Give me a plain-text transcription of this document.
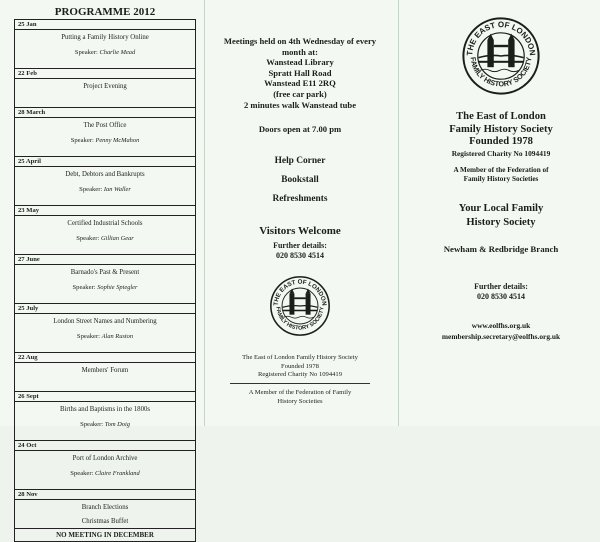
PROGRAMME 2012
25 Jan
Putting a Family History Online
Speaker: Charlie Mead
22 Feb
Project Evening
28 March
The Post Office
Speaker: Penny McMahon
25 April
Debt, Debtors and Bankrupts
Speaker: Ian Waller
23 May
Certified Industrial Schools
Speaker: Gillian Gear
27 June
Barnado's Past & Present
Speaker: Sophie Spiegler
25 July
London Street Names and Numbering
Speaker: Alan Ruston
22 Aug
Members' Forum
26 Sept
Births and Baptisms in the 1800s
Speaker: Tom Doig
24 Oct
Port of London Archive
Speaker: Claire Frankland
28 Nov
Branch Elections
Christmas Buffet
NO MEETING IN DECEMBER
Meetings held on 4th Wednesday of every
month at:
Wanstead Library
Spratt Hall Road
Wanstead E11 2RQ
(free car park)
2 minutes walk Wanstead tube
Doors open at 7.00 pm
Help Corner
Bookstall
Refreshments
Visitors Welcome
Further details:
020 8530 4514
THE EAST OF LONDON
FAMILY HISTORY SOCIETY
The East of London Family History Society
Founded 1978
Registered Charity No 1094419
A Member of the Federation of Family
History Societies
THE EAST OF LONDON
FAMILY HISTORY SOCIETY
The East of London
Family History Society
Founded 1978
Registered Charity No 1094419
A Member of the Federation of
Family History Societies
Your Local Family
History Society
Newham & Redbridge Branch
Further details:
020 8530 4514
www.eolfhs.org.uk
membership.secretary@eolfhs.org.uk
